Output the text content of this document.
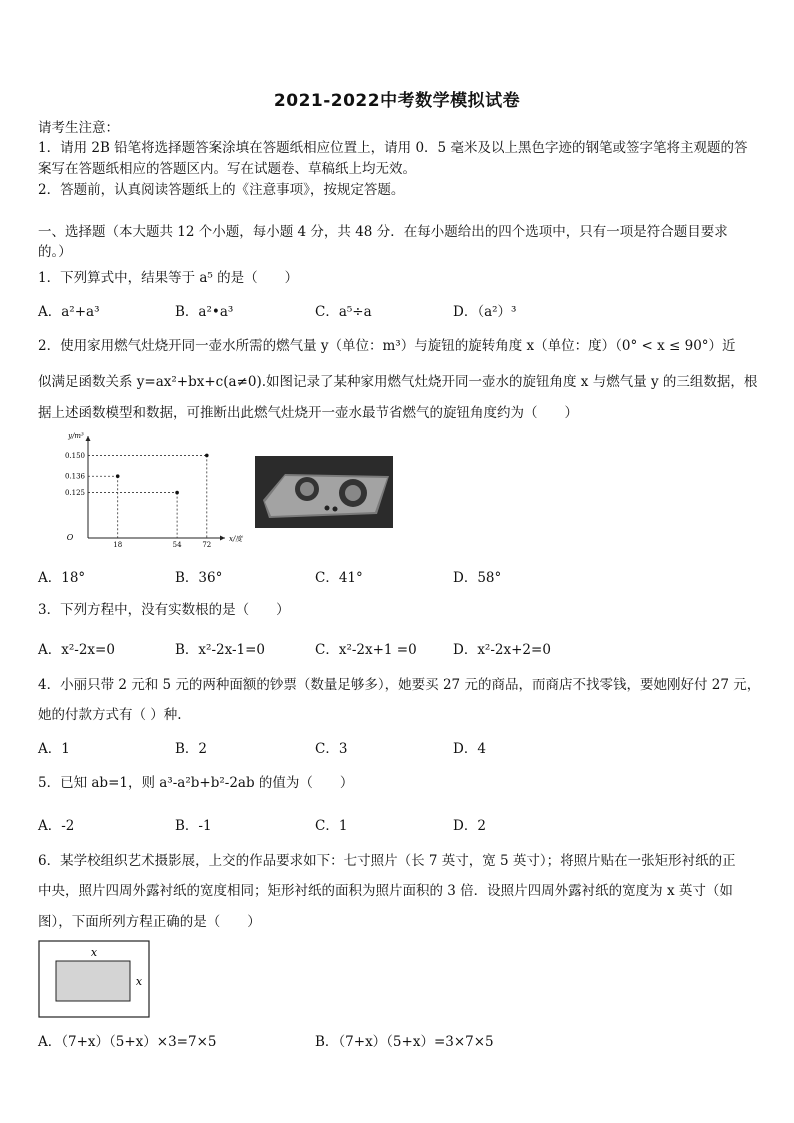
2021-2022中考数学模拟试卷
请考生注意：
1．请用 2B 铅笔将选择题答案涂填在答题纸相应位置上，请用 0．5 毫米及以上黑色字迹的钢笔或签字笔将主观题的答
案写在答题纸相应的答题区内。写在试题卷、草稿纸上均无效。
2．答题前，认真阅读答题纸上的《注意事项》，按规定答题。
一、选择题（本大题共 12 个小题，每小题 4 分，共 48 分．在每小题给出的四个选项中，只有一项是符合题目要求
的。）
1．下列算式中，结果等于 a⁵ 的是（　　）
A．a²+a³	B．a²•a³	C．a⁵÷a	D．（a²）³
2．使用家用燃气灶烧开同一壶水所需的燃气量 y（单位：m³）与旋钮的旋转角度 x（单位：度）（0° < x ≤ 90°）近
似满足函数关系 y=ax²+bx+c(a≠0).如图记录了某种家用燃气灶烧开同一壶水的旋钮角度 x 与燃气量 y 的三组数据，根
据上述函数模型和数据，可推断出此燃气灶烧开一壶水最节省燃气的旋钮角度约为（　　）
y/m³
x/度
O
0.150
0.136
0.125
18	54	72
A．18°	B．36°	C．41°	D．58°
3．下列方程中，没有实数根的是（　　）
A．x²-2x=0	B．x²-2x-1=0	C．x²-2x+1 =0	D．x²-2x+2=0
4．小丽只带 2 元和 5 元的两种面额的钞票（数量足够多），她要买 27 元的商品，而商店不找零钱，要她刚好付 27 元，
她的付款方式有（ ）种.
A．1	B．2	C．3	D．4
5．已知 ab=1，则 a³-a²b+b²-2ab 的值为（　　）
A．-2	B．-1	C．1	D．2
6．某学校组织艺术摄影展，上交的作品要求如下：七寸照片（长 7 英寸，宽 5 英寸）；将照片贴在一张矩形衬纸的正
中央，照片四周外露衬纸的宽度相同；矩形衬纸的面积为照片面积的 3 倍．设照片四周外露衬纸的宽度为 x 英寸（如
图），下面所列方程正确的是（　　）
x
x
A．（7+x）（5+x）×3=7×5	B．（7+x）（5+x）=3×7×5
